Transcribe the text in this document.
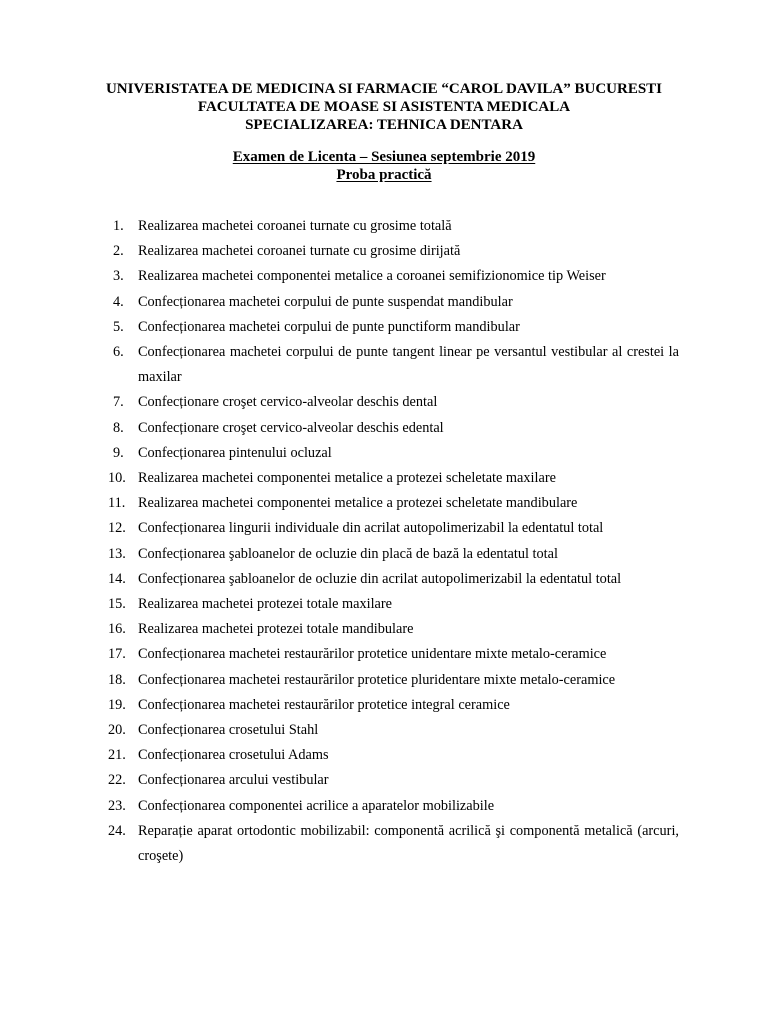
UNIVERISTATEA DE MEDICINA SI FARMACIE “CAROL DAVILA” BUCURESTI
FACULTATEA DE MOASE SI ASISTENTA MEDICALA
SPECIALIZAREA: TEHNICA DENTARA
Examen de Licenta – Sesiunea septembrie 2019
Proba practică
1. Realizarea machetei coroanei turnate cu grosime totală
2. Realizarea machetei coroanei turnate cu grosime dirijată
3. Realizarea machetei componentei metalice a coroanei semifizionomice tip Weiser
4. Confecționarea machetei corpului de punte suspendat mandibular
5. Confecționarea machetei corpului de punte punctiform mandibular
6. Confecționarea machetei corpului de punte tangent linear pe versantul vestibular al crestei la maxilar
7. Confecționare croşet cervico-alveolar deschis dental
8. Confecționare croşet cervico-alveolar deschis edental
9. Confecționarea pintenului ocluzal
10. Realizarea machetei componentei metalice a protezei scheletate maxilare
11. Realizarea machetei componentei metalice a protezei scheletate mandibulare
12. Confecționarea lingurii individuale din acrilat autopolimerizabil la edentatul total
13. Confecționarea şabloanelor de ocluzie din placă de bază la edentatul total
14. Confecționarea şabloanelor de ocluzie din acrilat autopolimerizabil la edentatul total
15. Realizarea machetei protezei totale maxilare
16. Realizarea machetei protezei totale mandibulare
17. Confecționarea machetei restaurărilor protetice unidentare mixte metalo-ceramice
18. Confecționarea machetei restaurărilor protetice pluridentare mixte metalo-ceramice
19. Confecționarea machetei restaurărilor protetice integral ceramice
20. Confecționarea crosetului Stahl
21. Confecționarea crosetului Adams
22. Confecționarea arcului vestibular
23. Confecționarea componentei acrilice a aparatelor mobilizabile
24. Reparație aparat ortodontic mobilizabil: componentă acrilică şi componentă metalică (arcuri, croşete)
